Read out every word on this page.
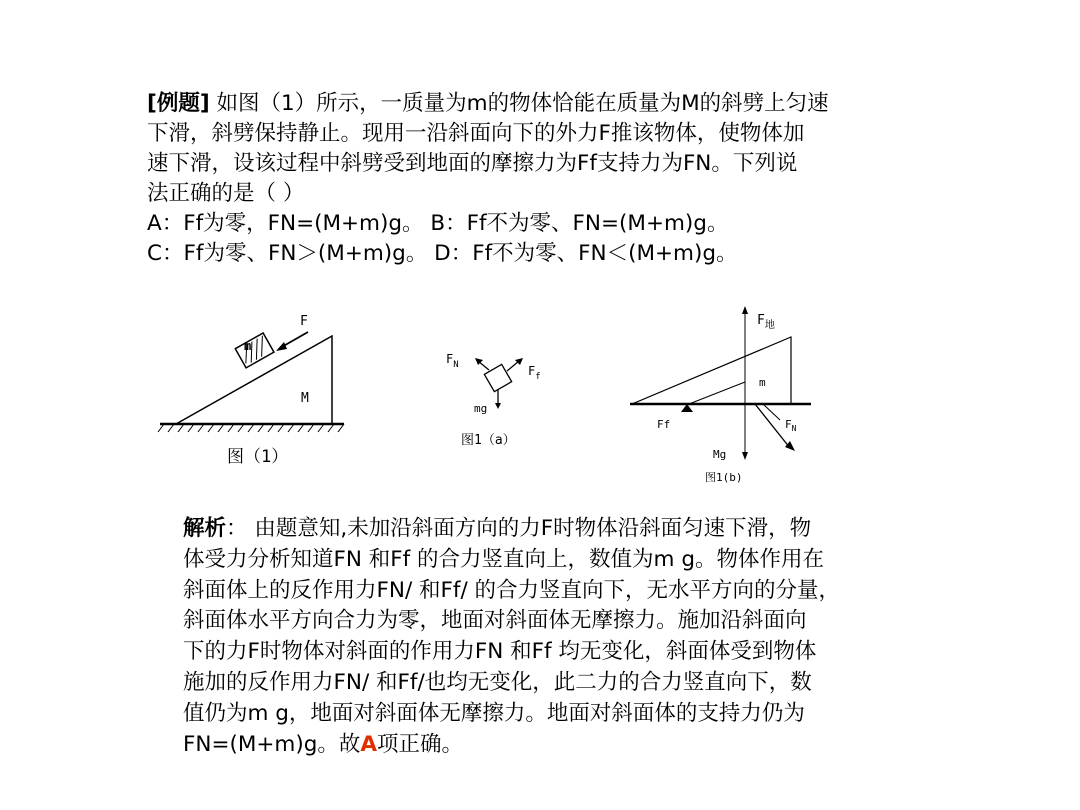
[例题] 如图（1）所示，一质量为m的物体恰能在质量为M的斜劈上匀速
下滑，斜劈保持静止。现用一沿斜面向下的外力F推该物体，使物体加
速下滑，设该过程中斜劈受到地面的摩擦力为Ff支持力为FN。下列说
法正确的是（ ）
A：Ff为零，FN=(M+m)g。 B：Ff不为零、FN=(M+m)g。
C：Ff为零、FN＞(M+m)g。 D：Ff不为零、FN＜(M+m)g。
F
m
M
图（1）
$F_N$	$F_f$
mg
图1（a）
$F_地$
m
Ff	$F_N$
Mg
图1(b)
解析： 由题意知,未加沿斜面方向的力F时物体沿斜面匀速下滑，物
体受力分析知道FN 和Ff 的合力竖直向上，数值为m g。物体作用在
斜面体上的反作用力FN/ 和Ff/ 的合力竖直向下，无水平方向的分量，
斜面体水平方向合力为零，地面对斜面体无摩擦力。施加沿斜面向
下的力F时物体对斜面的作用力FN 和Ff 均无变化，斜面体受到物体
施加的反作用力FN/ 和Ff/也均无变化，此二力的合力竖直向下，数
值仍为m g，地面对斜面体无摩擦力。地面对斜面体的支持力仍为
FN=(M+m)g。故A项正确。
